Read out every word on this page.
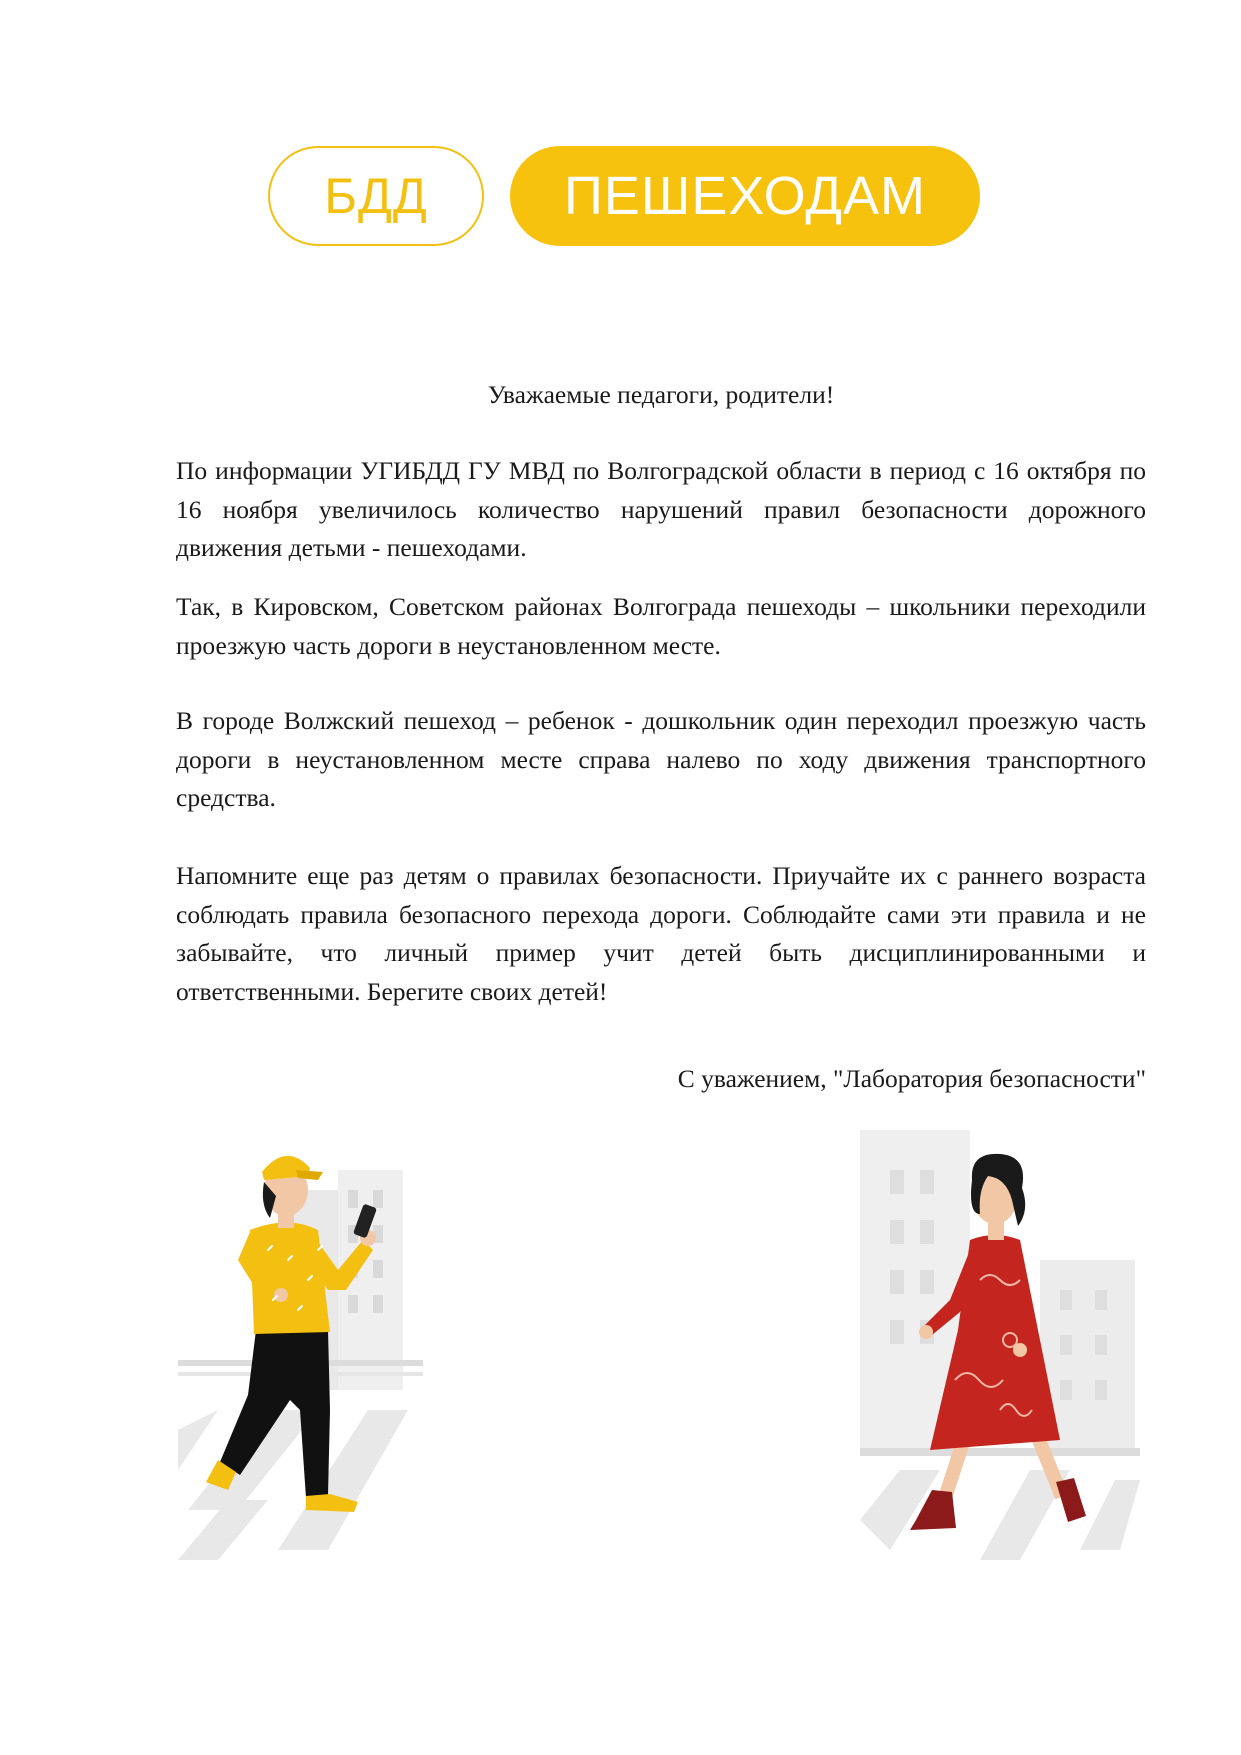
БДД	ПЕШЕХОДАМ

Уважаемые педагоги, родители!

По информации УГИБДД ГУ МВД по Волгоградской области в период с 16 октября по 16 ноября увеличилось количество нарушений правил безопасности дорожного движения детьми - пешеходами.

Так, в Кировском, Советском районах Волгограда пешеходы – школьники переходили проезжую часть дороги в неустановленном месте.

В городе Волжский пешеход – ребенок - дошкольник один переходил проезжую часть дороги в неустановленном месте справа налево по ходу движения транспортного средства.

Напомните еще раз детям о правилах безопасности. Приучайте их с раннего возраста соблюдать правила безопасного перехода дороги. Соблюдайте сами эти правила и не забывайте, что личный пример учит детей быть дисциплинированными и ответственными. Берегите своих детей!

С уважением, "Лаборатория безопасности"
